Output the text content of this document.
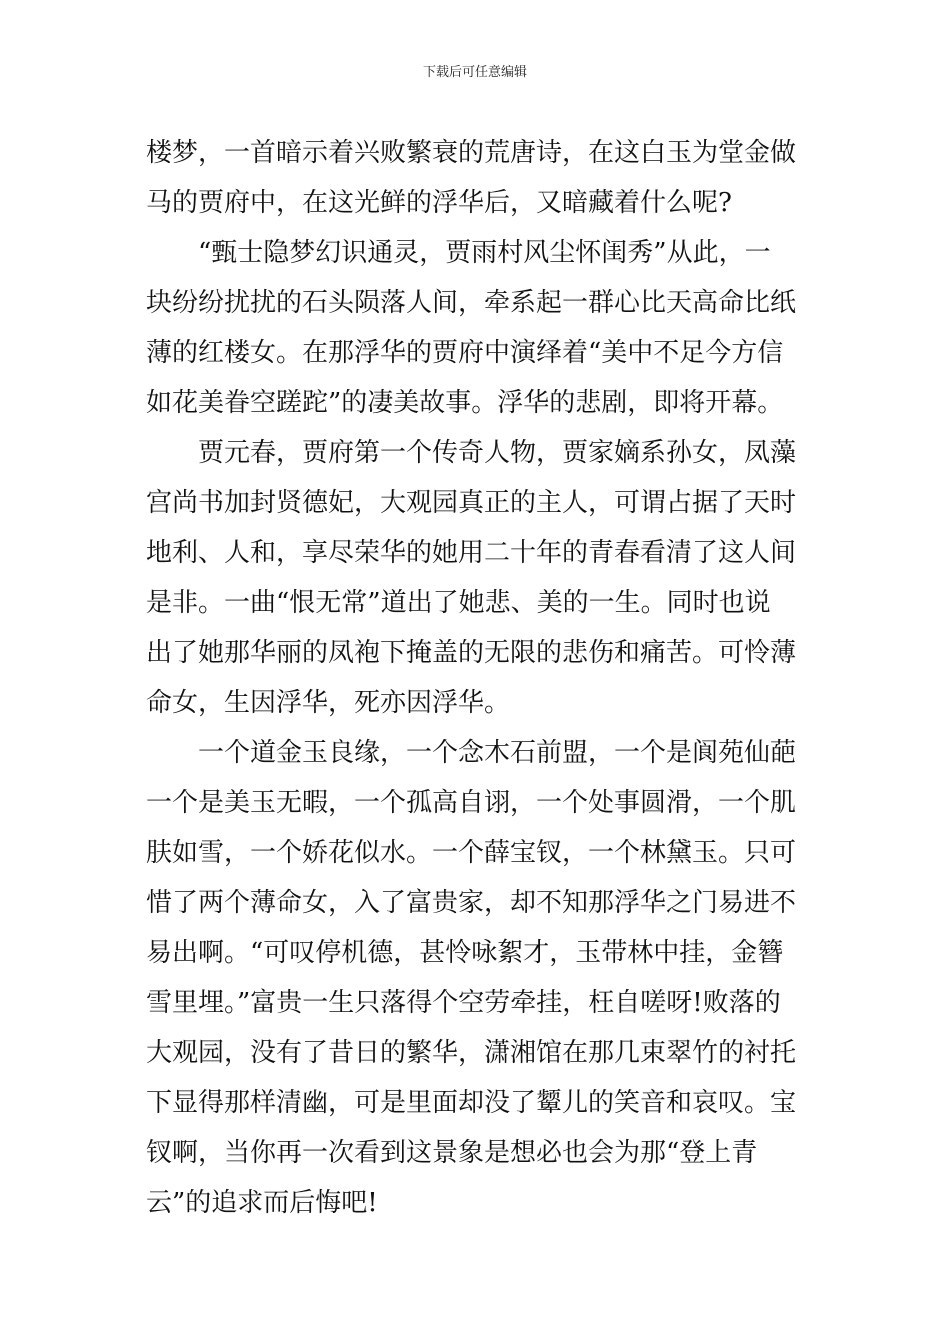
下载后可任意编辑
楼梦，一首暗示着兴败繁衰的荒唐诗，在这白玉为堂金做
马的贾府中，在这光鲜的浮华后，又暗藏着什么呢?
　　“甄士隐梦幻识通灵，贾雨村风尘怀闺秀”从此，一
块纷纷扰扰的石头陨落人间，牵系起一群心比天高命比纸
薄的红楼女。在那浮华的贾府中演绎着“美中不足今方信
如花美眷空蹉跎”的凄美故事。浮华的悲剧，即将开幕。
　　贾元春，贾府第一个传奇人物，贾家嫡系孙女，凤藻
宫尚书加封贤德妃，大观园真正的主人，可谓占据了天时
地利、人和，享尽荣华的她用二十年的青春看清了这人间
是非。一曲“恨无常”道出了她悲、美的一生。同时也说
出了她那华丽的凤袍下掩盖的无限的悲伤和痛苦。可怜薄
命女，生因浮华，死亦因浮华。
　　一个道金玉良缘，一个念木石前盟，一个是阆苑仙葩
一个是美玉无暇，一个孤高自诩，一个处事圆滑，一个肌
肤如雪，一个娇花似水。一个薛宝钗，一个林黛玉。只可
惜了两个薄命女，入了富贵家，却不知那浮华之门易进不
易出啊。“可叹停机德，甚怜咏絮才，玉带林中挂，金簪
雪里埋。”富贵一生只落得个空劳牵挂，枉自嗟呀!败落的
大观园，没有了昔日的繁华，潇湘馆在那几束翠竹的衬托
下显得那样清幽，可是里面却没了颦儿的笑音和哀叹。宝
钗啊，当你再一次看到这景象是想必也会为那“登上青
云”的追求而后悔吧!
